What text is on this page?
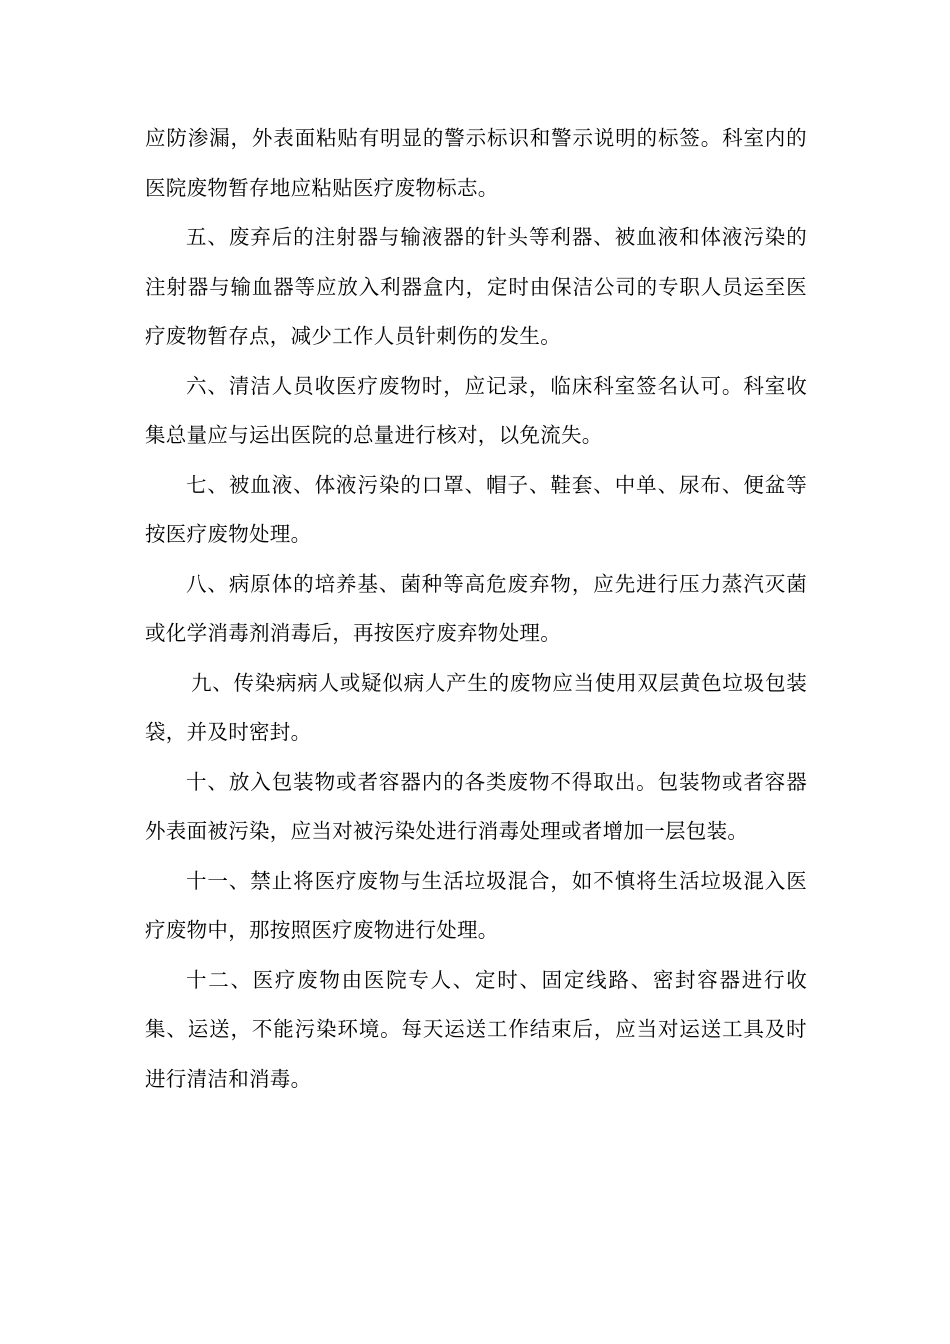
应防渗漏，外表面粘贴有明显的警示标识和警示说明的标签。科室内的医院废物暂存地应粘贴医疗废物标志。

五、废弃后的注射器与输液器的针头等利器、被血液和体液污染的注射器与输血器等应放入利器盒内，定时由保洁公司的专职人员运至医疗废物暂存点，减少工作人员针刺伤的发生。

六、清洁人员收医疗废物时，应记录，临床科室签名认可。科室收集总量应与运出医院的总量进行核对，以免流失。

七、被血液、体液污染的口罩、帽子、鞋套、中单、尿布、便盆等按医疗废物处理。

八、病原体的培养基、菌种等高危废弃物，应先进行压力蒸汽灭菌或化学消毒剂消毒后，再按医疗废弃物处理。

九、传染病病人或疑似病人产生的废物应当使用双层黄色垃圾包装袋，并及时密封。

十、放入包装物或者容器内的各类废物不得取出。包装物或者容器外表面被污染，应当对被污染处进行消毒处理或者增加一层包装。

十一、禁止将医疗废物与生活垃圾混合，如不慎将生活垃圾混入医疗废物中，那按照医疗废物进行处理。

十二、医疗废物由医院专人、定时、固定线路、密封容器进行收集、运送，不能污染环境。每天运送工作结束后，应当对运送工具及时进行清洁和消毒。
